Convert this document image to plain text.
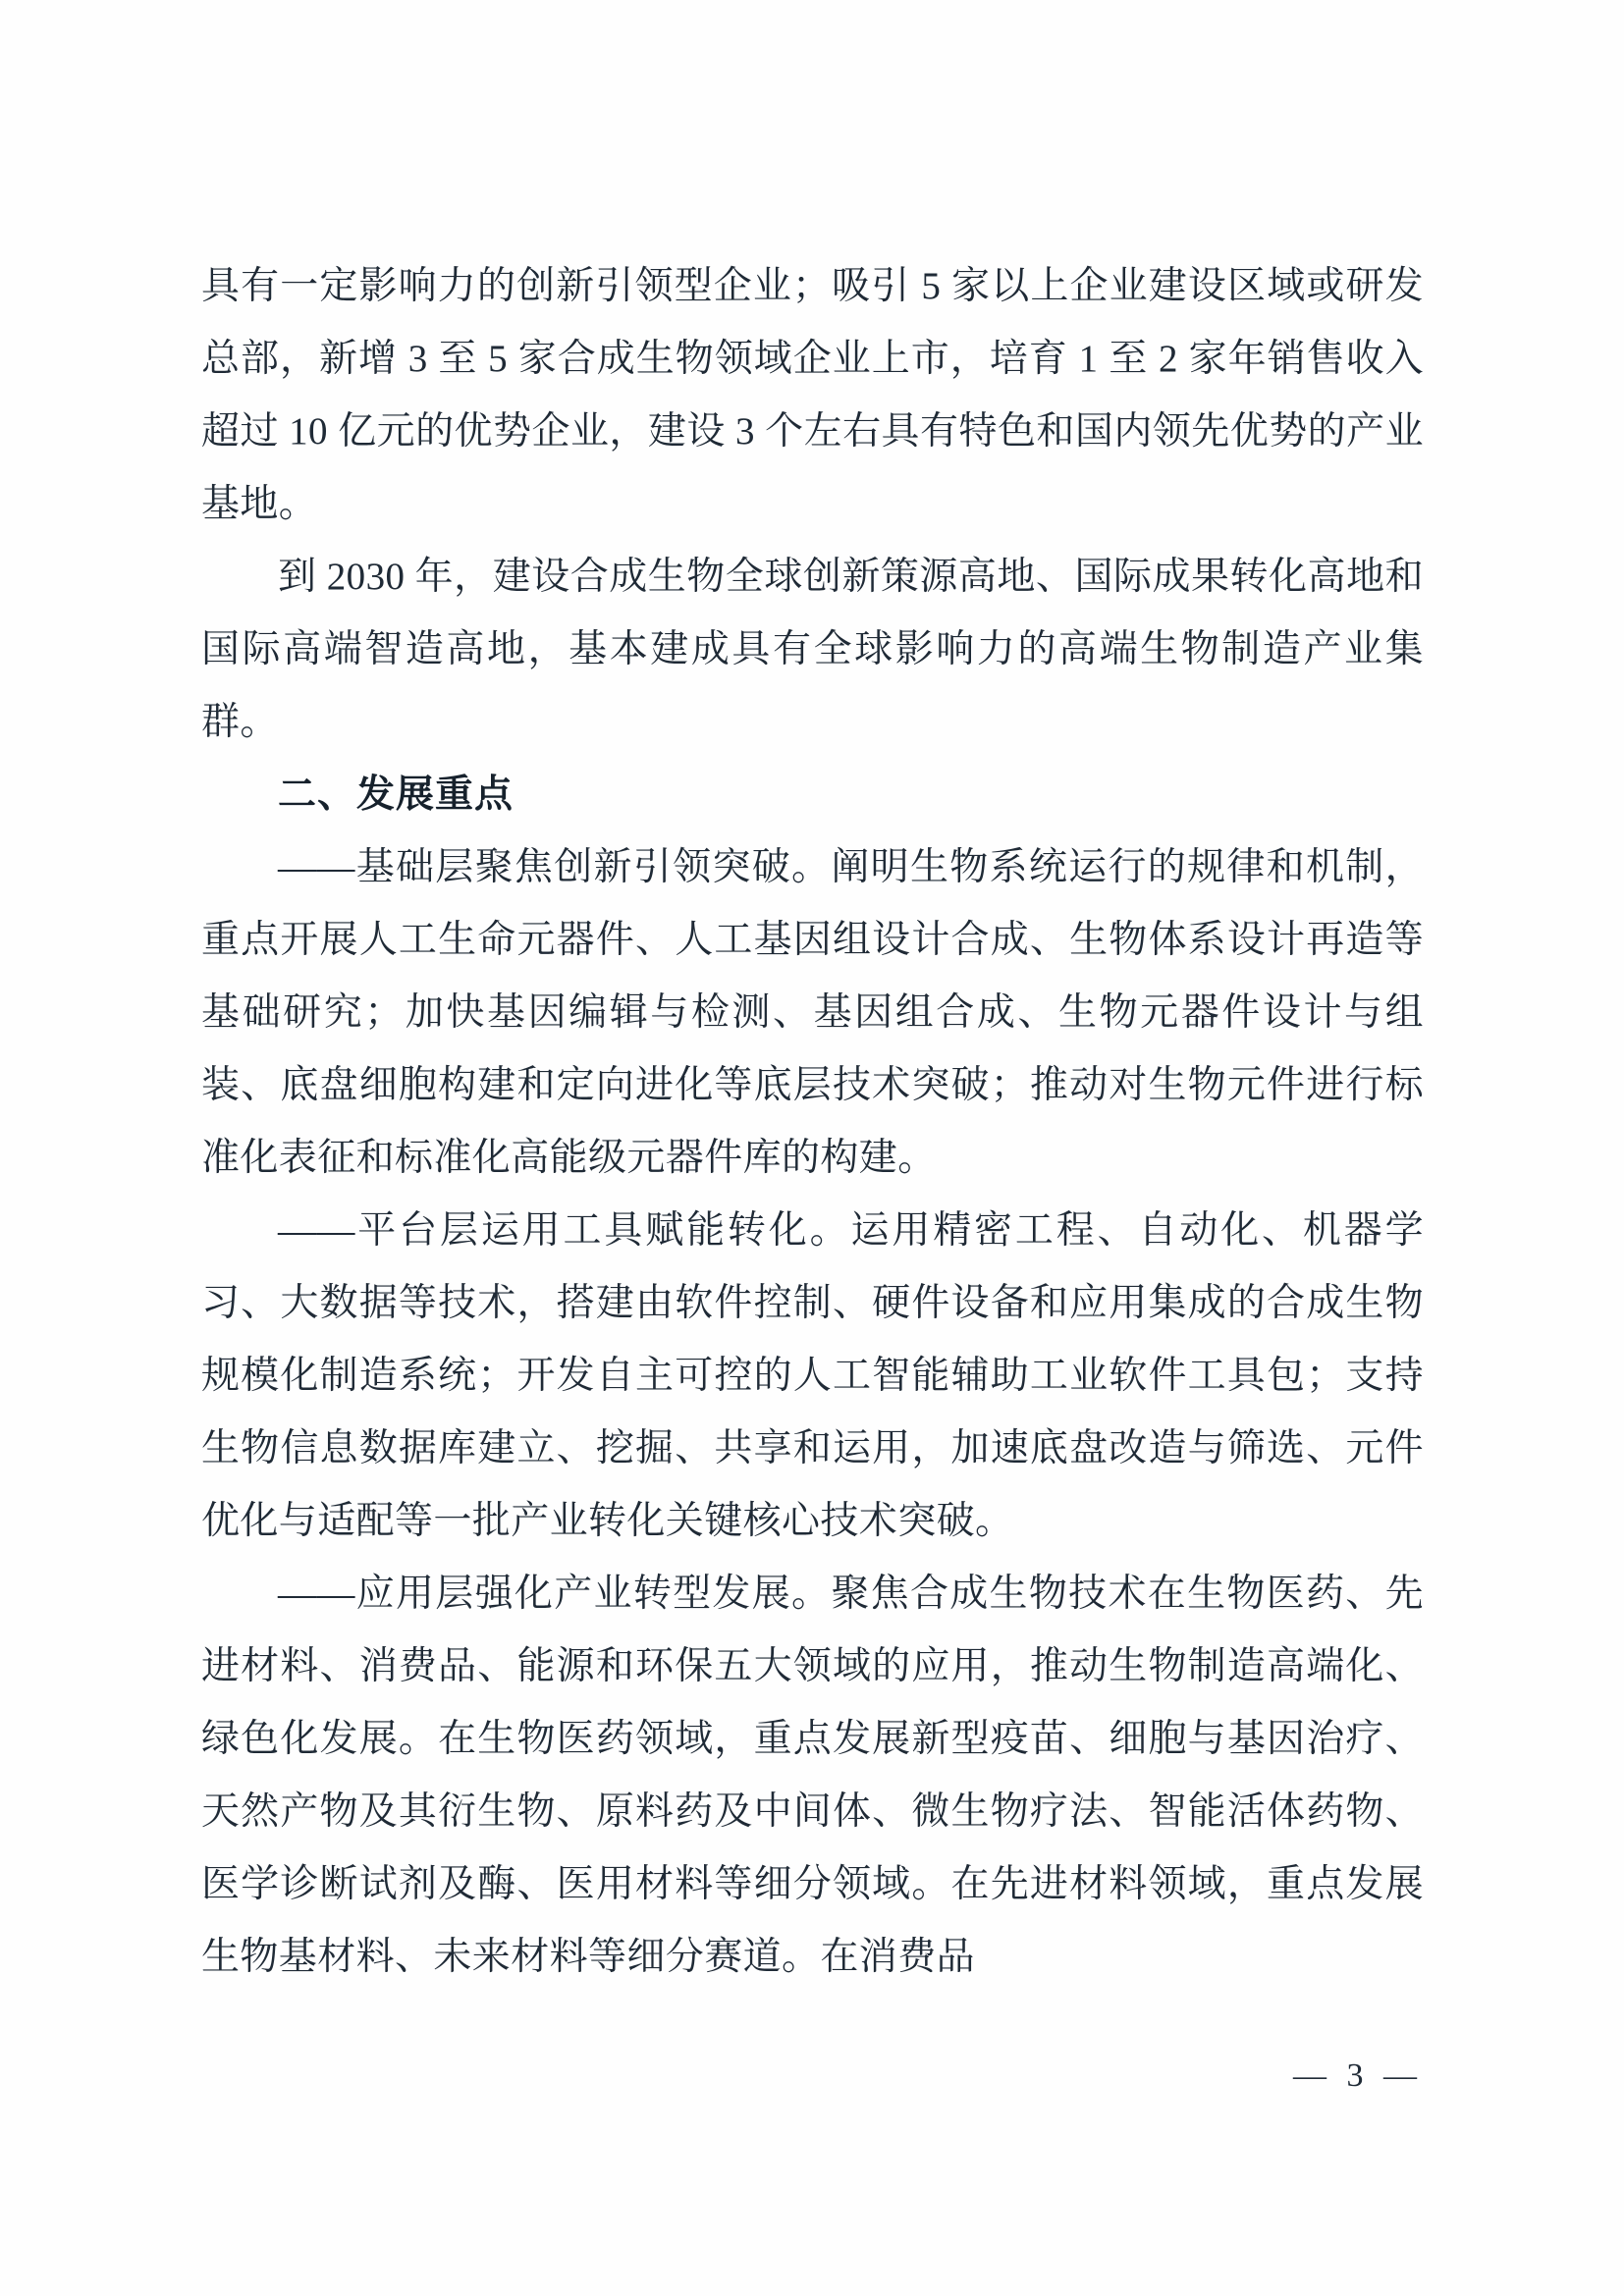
具有一定影响力的创新引领型企业；吸引 5 家以上企业建设区域或研发总部，新增 3 至 5 家合成生物领域企业上市，培育 1 至 2 家年销售收入超过 10 亿元的优势企业，建设 3 个左右具有特色和国内领先优势的产业基地。

到 2030 年，建设合成生物全球创新策源高地、国际成果转化高地和国际高端智造高地，基本建成具有全球影响力的高端生物制造产业集群。

二、发展重点

——基础层聚焦创新引领突破。阐明生物系统运行的规律和机制，重点开展人工生命元器件、人工基因组设计合成、生物体系设计再造等基础研究；加快基因编辑与检测、基因组合成、生物元器件设计与组装、底盘细胞构建和定向进化等底层技术突破；推动对生物元件进行标准化表征和标准化高能级元器件库的构建。

——平台层运用工具赋能转化。运用精密工程、自动化、机器学习、大数据等技术，搭建由软件控制、硬件设备和应用集成的合成生物规模化制造系统；开发自主可控的人工智能辅助工业软件工具包；支持生物信息数据库建立、挖掘、共享和运用，加速底盘改造与筛选、元件优化与适配等一批产业转化关键核心技术突破。

——应用层强化产业转型发展。聚焦合成生物技术在生物医药、先进材料、消费品、能源和环保五大领域的应用，推动生物制造高端化、绿色化发展。在生物医药领域，重点发展新型疫苗、细胞与基因治疗、天然产物及其衍生物、原料药及中间体、微生物疗法、智能活体药物、医学诊断试剂及酶、医用材料等细分领域。在先进材料领域，重点发展生物基材料、未来材料等细分赛道。在消费品

— 3 —
